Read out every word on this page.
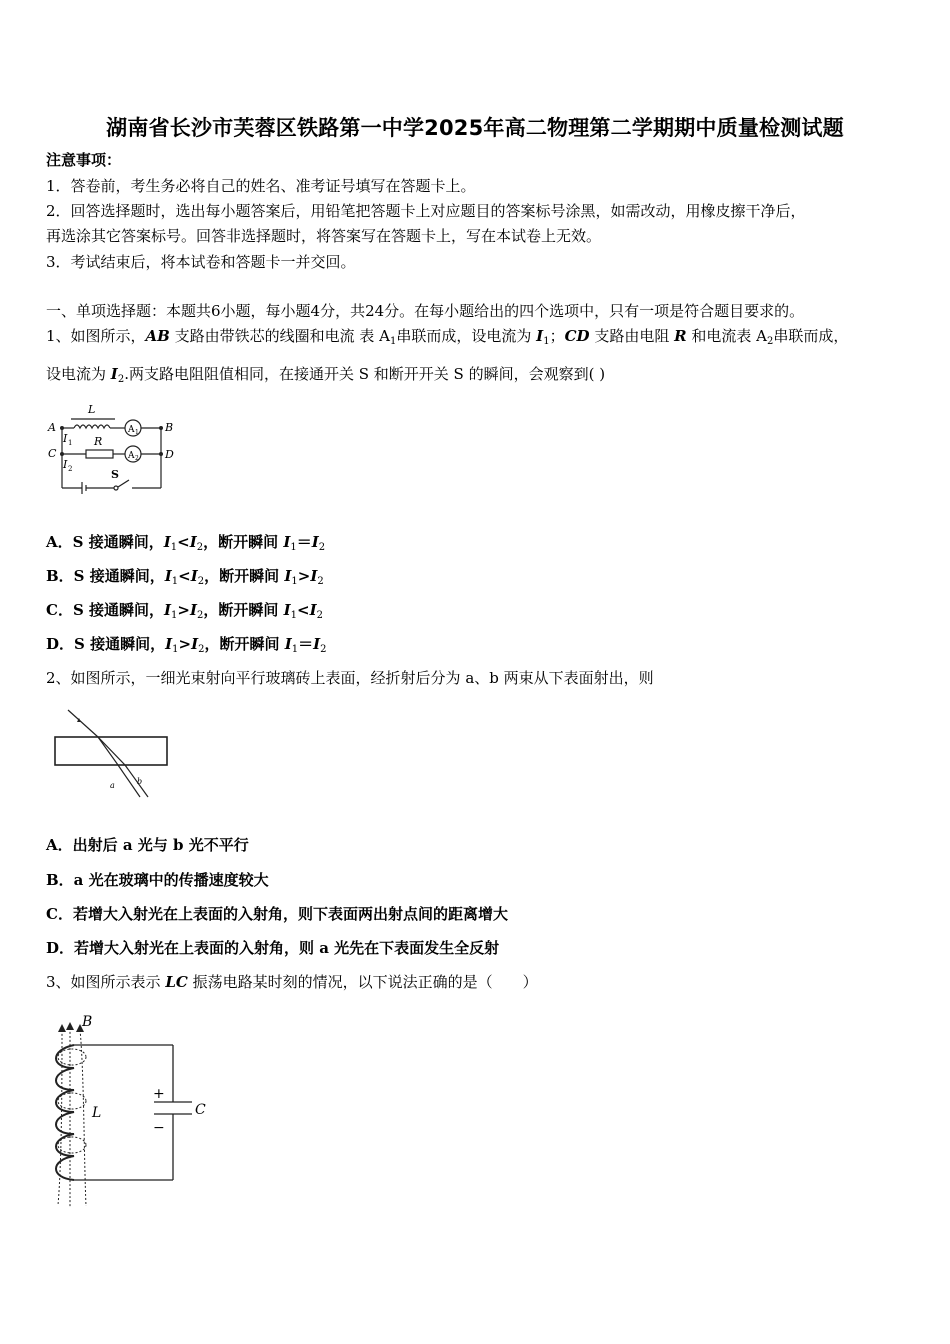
湖南省长沙市芙蓉区铁路第一中学2025年高二物理第二学期期中质量检测试题
注意事项：
1．答卷前，考生务必将自己的姓名、准考证号填写在答题卡上。
2．回答选择题时，选出每小题答案后，用铅笔把答题卡上对应题目的答案标号涂黑，如需改动，用橡皮擦干净后，
再选涂其它答案标号。回答非选择题时，将答案写在答题卡上，写在本试卷上无效。
3．考试结束后，将本试卷和答题卡一并交回。
一、单项选择题：本题共6小题，每小题4分，共24分。在每小题给出的四个选项中，只有一项是符合题目要求的。
1、如图所示，AB 支路由带铁芯的线圈和电流 表 $A_1$串联而成，设电流为 $I_1$；CD 支路由电阻 R 和电流表 $A_2$串联而成，
设电流为 $I_2$.两支路电阻阻值相同，在接通开关 S 和断开开关 S 的瞬间，会观察到( )
L
A	B
C	D
R
I 1
I 2	S
A 1
A 2
A．S 接通瞬间，$I_1<I_2$，断开瞬间 $I_1=I_2$
B．S 接通瞬间，$I_1<I_2$，断开瞬间 $I_1>I_2$
C．S 接通瞬间，$I_1>I_2$，断开瞬间 $I_1<I_2$
D．S 接通瞬间，$I_1>I_2$，断开瞬间 $I_1=I_2$
2、如图所示，一细光束射向平行玻璃砖上表面，经折射后分为 a、b 两束从下表面射出，则
a	b
A．出射后 a 光与 b 光不平行
B．a 光在玻璃中的传播速度较大
C．若增大入射光在上表面的入射角，则下表面两出射点间的距离增大
D．若增大入射光在上表面的入射角，则 a 光先在下表面发生全反射
3、如图所示表示 LC 振荡电路某时刻的情况，以下说法正确的是（　　）
B
L	C
+
−
